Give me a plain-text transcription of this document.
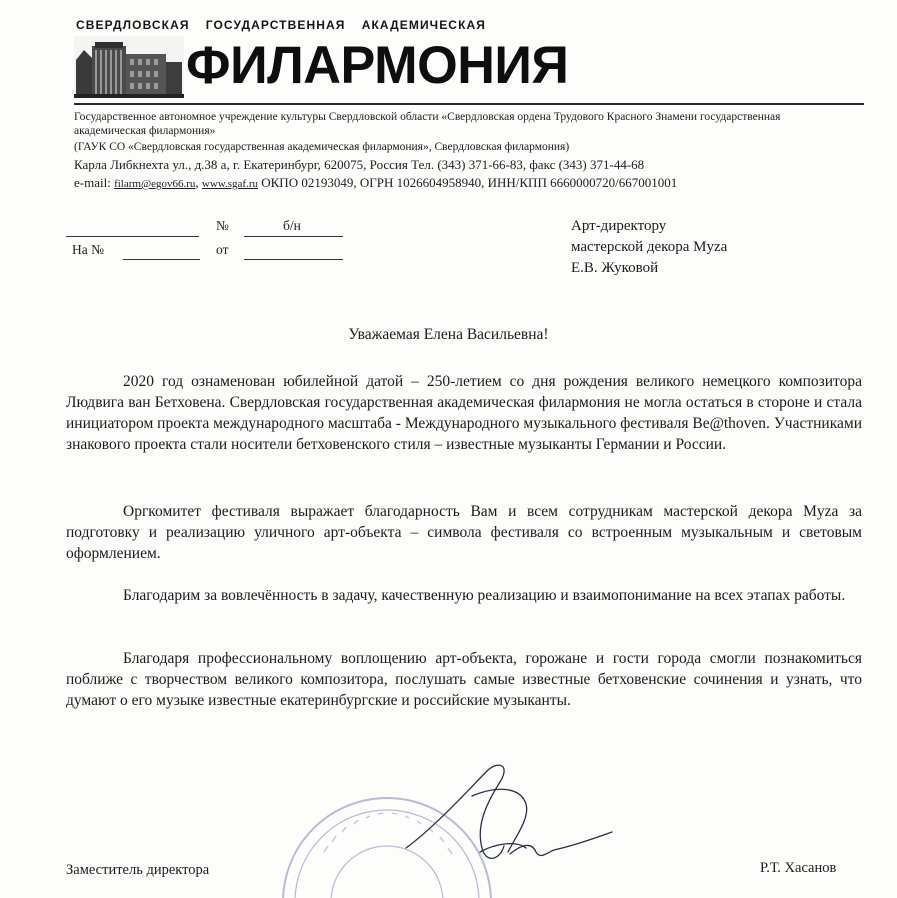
СВЕРДЛОВСКАЯ ГОСУДАРСТВЕННАЯ АКАДЕМИЧЕСКАЯ
ФИЛАРМОНИЯ
Государственное автономное учреждение культуры Свердловской области «Свердловская ордена Трудового Красного Знамени государственная
академическая филармония»
(ГАУК СО «Свердловская государственная академическая филармония», Свердловская филармония)
Карла Либкнехта ул., д.38 а, г. Екатеринбург, 620075, Россия Тел. (343) 371-66-83, факс (343) 371-44-68
e-mail: filarm@egov66.ru, www.sgaf.ru ОКПО 02193049, ОГРН 1026604958940, ИНН/КПП 6660000720/667001001
№	б/н
На №	от
Арт-директору
мастерской декора Myza
Е.В. Жуковой
Уважаемая Елена Васильевна!
2020 год ознаменован юбилейной датой – 250-летием со дня рождения великого немецкого композитора Людвига ван Бетховена. Свердловская государственная академическая филармония не могла остаться в стороне и стала инициатором проекта международного масштаба - Международного музыкального фестиваля Be@thoven. Участниками знакового проекта стали носители бетховенского стиля – известные музыканты Германии и России.
Оргкомитет фестиваля выражает благодарность Вам и всем сотрудникам мастерской декора Myza за подготовку и реализацию уличного арт-объекта – символа фестиваля со встроенным музыкальным и световым оформлением.
Благодарим за вовлечённость в задачу, качественную реализацию и взаимопонимание на всех этапах работы.
Благодаря профессиональному воплощению арт-объекта, горожане и гости города смогли познакомиться поближе с творчеством великого композитора, послушать самые известные бетховенские сочинения и узнать, что думают о его музыке известные екатеринбургские и российские музыканты.
Заместитель директора	Р.Т. Хасанов
